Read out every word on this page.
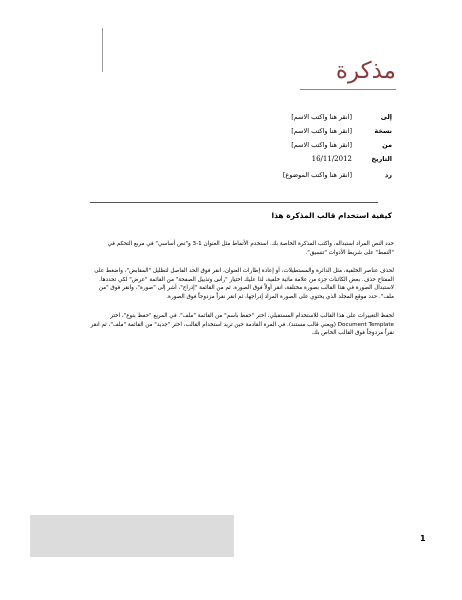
مذكرة
إلى
[انقر هنا واكتب الاسم]
نسخة
[انقر هنا واكتب الاسم]
من
[انقر هنا واكتب الاسم]
التاريخ
16/11/2012
رد
[انقر هنا واكتب الموضوع]
كيفية استخدام قالب المذكرة هذا

حدد النص المراد استبداله، واكتب المذكرة الخاصة بك. استخدم الأنماط مثل العنوان 1-3 و"نص أساسي" في مربع التحكم في "النمط" على شريط الأدوات "تنسيق".

لحذف عناصر الخلفية، مثل الدائرة والمستطيلات، أو إعادة إطارات العنوان، انقر فوق الحد الفاصل لتظليل "المقابض"، واضغط على المفتاح حذف. بعض الكائنات جزء من علامة مائية خلفية، لذا عليك اختيار "رأس وتذييل الصفحة" من القائمة "عرض" لكي تحددها. لاستبدال الصورة في هذا القالب بصورة مختلفة، انقر أولاً فوق الصورة. ثم من القائمة "إدراج"، أشر إلى "صورة"، وانقر فوق "من ملف". حدد موقع المجلد الذي يحتوي على الصورة المراد إدراجها، ثم انقر نقراً مزدوجاً فوق الصورة.

لحفظ التغييرات على هذا القالب للاستخدام المستقبلي، اختر "حفظ باسم" من القائمة "ملف". في المربع "حفظ بنوع"، اختر Document Template (ويعني قالب مستند). في المرة القادمة حين تريد استخدام القالب، اختر "جديد" من القائمة "ملف"، ثم انقر نقراً مزدوجاً فوق القالب الخاص بك.

1
